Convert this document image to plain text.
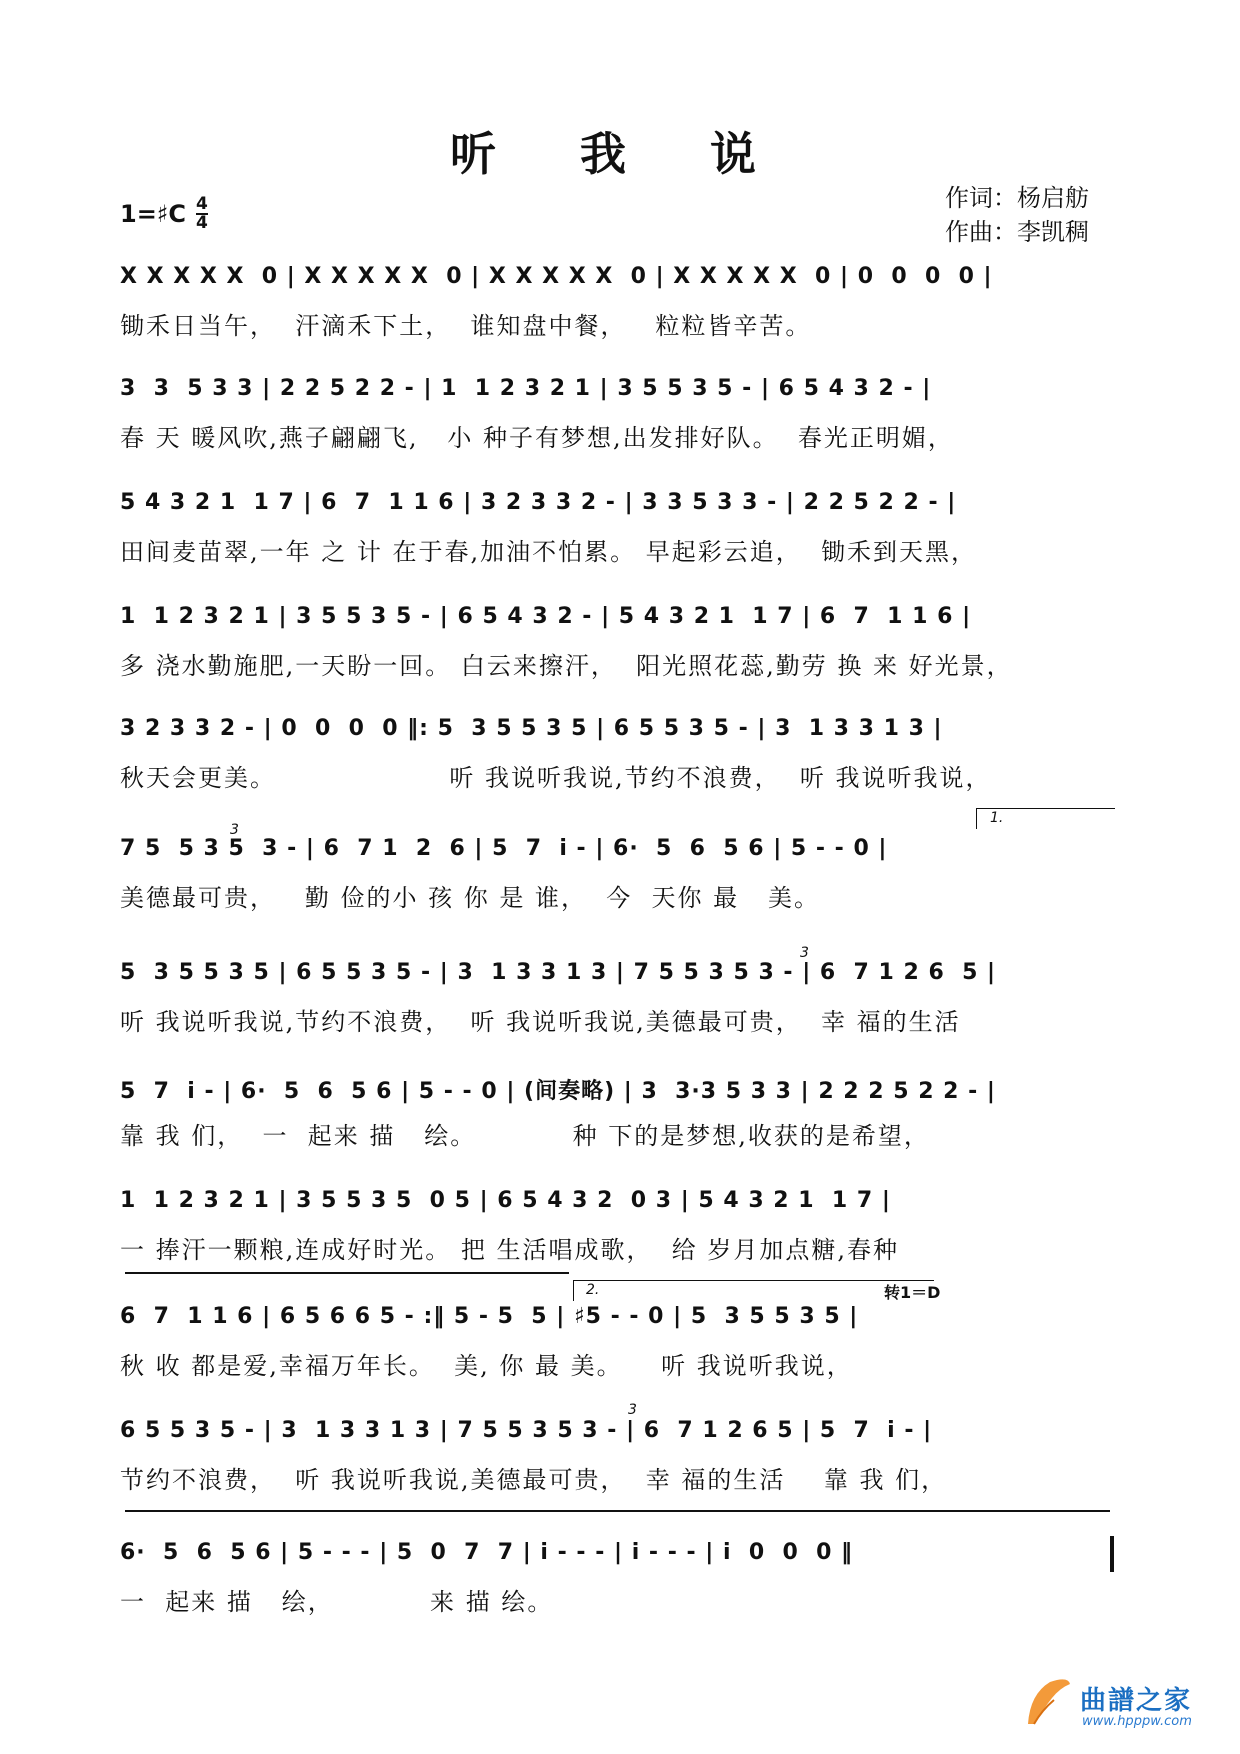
听 我 说
1=♯C $\frac{4}{4}$	作词：杨启舫
作曲：李凯稠
X X X X X  0 | X X X X X  0 | X X X X X  0 | X X X X X  0 | 0  0  0  0 |
锄禾日当午，  汗滴禾下土，  谁知盘中餐，   粒粒皆辛苦。
3  3  5 3 3 | 2 2 5 2 2 - | 1  1 2 3 2 1 | 3 5 5 3 5 - | 6 5 4 3 2 - |
春 天 暖风吹,燕子翩翩飞,   小 种子有梦想,出发排好队。  春光正明媚，
5 4 3 2 1  1 7 | 6  7  1 1 6 | 3 2 3 3 2 - | 3 3 5 3 3 - | 2 2 5 2 2 - |
田间麦苗翠,一年 之 计 在于春,加油不怕累。 早起彩云追，  锄禾到天黑，
1  1 2 3 2 1 | 3 5 5 3 5 - | 6 5 4 3 2 - | 5 4 3 2 1  1 7 | 6  7  1 1 6 |
多 浇水勤施肥,一天盼一回。 白云来擦汗，  阳光照花蕊,勤劳 换 来 好光景，
3 2 3 3 2 - | 0  0  0  0 ‖: 5  3 5 5 3 5 | 6 5 5 3 5 - | 3  1 3 3 1 3 |
秋天会更美。                  听 我说听我说,节约不浪费，  听 我说听我说，
1.
3
7 5  5 3 5  3 - | 6  7 1  2  6 | 5  7  i - | 6·  5  6  5 6 | 5 - - 0 |
美德最可贵，   勤 俭的小 孩 你 是 谁，  今  天你 最   美。
3
5  3 5 5 3 5 | 6 5 5 3 5 - | 3  1 3 3 1 3 | 7 5 5 3 5 3 - | 6  7 1 2 6  5 |
听 我说听我说,节约不浪费，  听 我说听我说,美德最可贵，  幸 福的生活
5  7  i - | 6·  5  6  5 6 | 5 - - 0 | (间奏略) | 3  3·3 5 3 3 | 2 2 2 5 2 2 - |
靠 我 们，  一  起来 描   绘。          种 下的是梦想,收获的是希望，
1  1 2 3 2 1 | 3 5 5 3 5  0 5 | 6 5 4 3 2  0 3 | 5 4 3 2 1  1 7 |
一 捧汗一颗粮,连成好时光。 把 生活唱成歌，  给 岁月加点糖,春种
2.	转1＝D
6  7  1 1 6 | 6 5 6 6 5 - :‖ 5 - 5  5 | ♯5 - - 0 | 5  3 5 5 3 5 |
秋 收 都是爱,幸福万年长。  美, 你 最 美。    听 我说听我说，
3
6 5 5 3 5 - | 3  1 3 3 1 3 | 7 5 5 3 5 3 - | 6  7 1 2 6 5 | 5  7  i - |
节约不浪费，  听 我说听我说,美德最可贵，  幸 福的生活    靠 我 们，
6·  5  6  5 6 | 5 - - - | 5  0  7  7 | i - - - | i - - - | i  0  0  0 ‖
一  起来 描   绘，          来 描 绘。
曲譜之家
www.hpppw.com
